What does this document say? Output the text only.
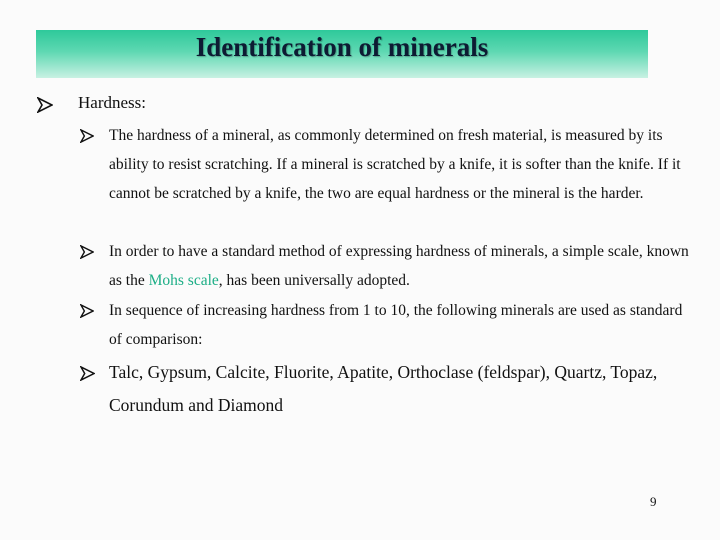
Identification of minerals
Hardness:
The hardness of a mineral, as commonly determined on fresh material, is measured by its ability to resist scratching. If a mineral is scratched by a knife, it is softer than the knife. If it cannot be scratched by a knife, the two are equal hardness or the mineral is the harder.
In order to have a standard method of expressing hardness of minerals, a simple scale, known as the Mohs scale, has been universally adopted.
In sequence of increasing hardness from 1 to 10, the following minerals are used as standard of comparison:
Talc, Gypsum, Calcite, Fluorite, Apatite, Orthoclase (feldspar), Quartz, Topaz, Corundum and Diamond
9
